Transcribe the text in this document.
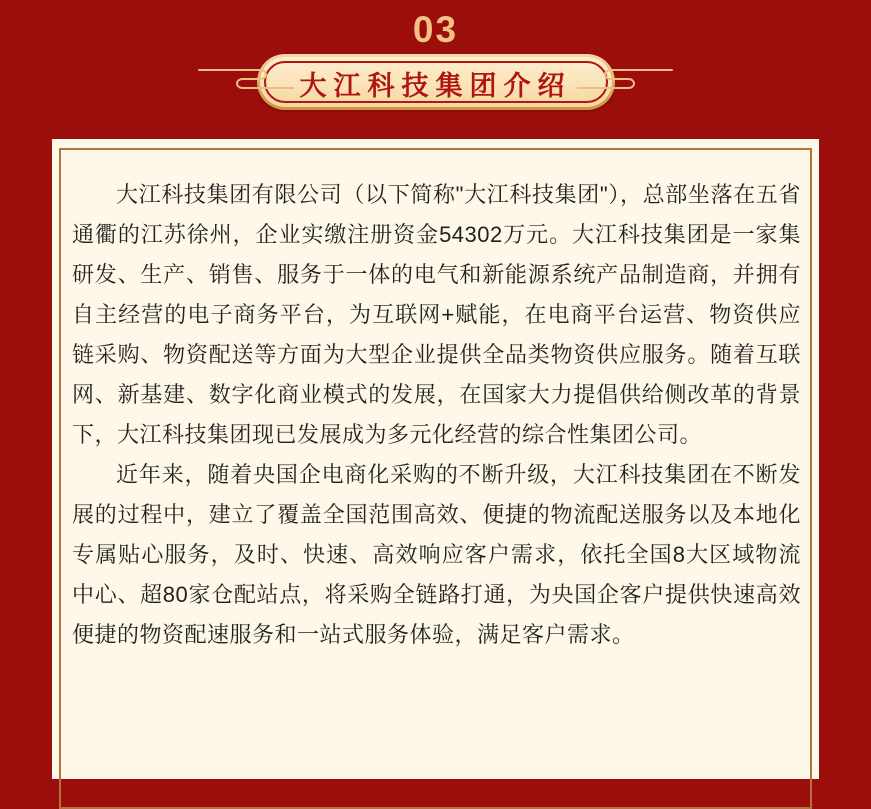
03
大江科技集团介绍

大江科技集团有限公司（以下简称"大江科技集团"），总部坐落在五省通衢的江苏徐州，企业实缴注册资金54302万元。大江科技集团是一家集研发、生产、销售、服务于一体的电气和新能源系统产品制造商，并拥有自主经营的电子商务平台，为互联网+赋能，在电商平台运营、物资供应链采购、物资配送等方面为大型企业提供全品类物资供应服务。随着互联网、新基建、数字化商业模式的发展，在国家大力提倡供给侧改革的背景下，大江科技集团现已发展成为多元化经营的综合性集团公司。

近年来，随着央国企电商化采购的不断升级，大江科技集团在不断发展的过程中，建立了覆盖全国范围高效、便捷的物流配送服务以及本地化专属贴心服务，及时、快速、高效响应客户需求，依托全国8大区域物流中心、超80家仓配站点，将采购全链路打通，为央国企客户提供快速高效便捷的物资配速服务和一站式服务体验，满足客户需求。
